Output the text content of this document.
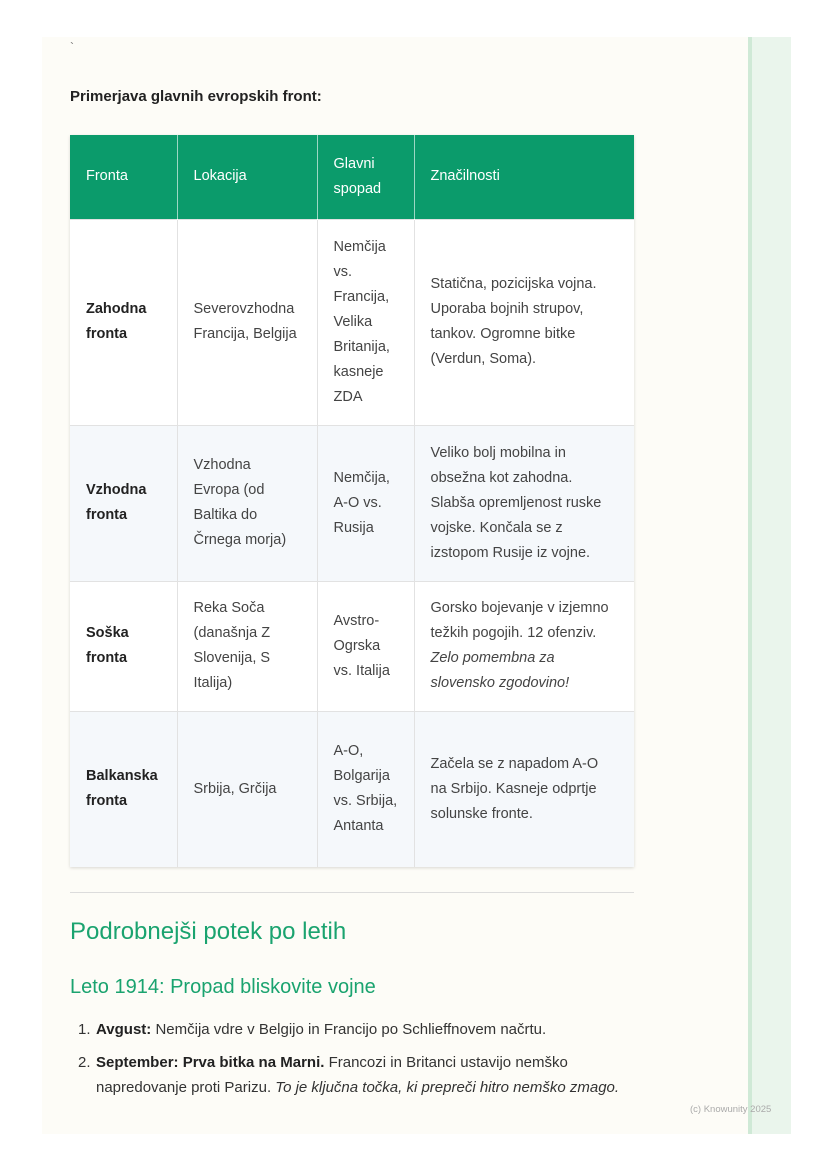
`
Primerjava glavnih evropskih front:
Fronta	Lokacija	Glavni spopad	Značilnosti
Zahodna fronta	Severovzhodna Francija, Belgija	Nemčija vs. Francija, Velika Britanija, kasneje ZDA	Statična, pozicijska vojna. Uporaba bojnih strupov, tankov. Ogromne bitke (Verdun, Soma).
Vzhodna fronta	Vzhodna Evropa (od Baltika do Črnega morja)	Nemčija, A-O vs. Rusija	Veliko bolj mobilna in obsežna kot zahodna. Slabša opremljenost ruske vojske. Končala se z izstopom Rusije iz vojne.
Soška fronta	Reka Soča (današnja Z Slovenija, S Italija)	Avstro-Ogrska vs. Italija	Gorsko bojevanje v izjemno težkih pogojih. 12 ofenziv. Zelo pomembna za slovensko zgodovino!
Balkanska fronta	Srbija, Grčija	A-O, Bolgarija vs. Srbija, Antanta	Začela se z napadom A-O na Srbijo. Kasneje odprtje solunske fronte.
Podrobnejši potek po letih
Leto 1914: Propad bliskovite vojne
1. Avgust: Nemčija vdre v Belgijo in Francijo po Schlieffnovem načrtu.
2. September: Prva bitka na Marni. Francozi in Britanci ustavijo nemško napredovanje proti Parizu. To je ključna točka, ki prepreči hitro nemško zmago.
(c) Knowunity 2025
